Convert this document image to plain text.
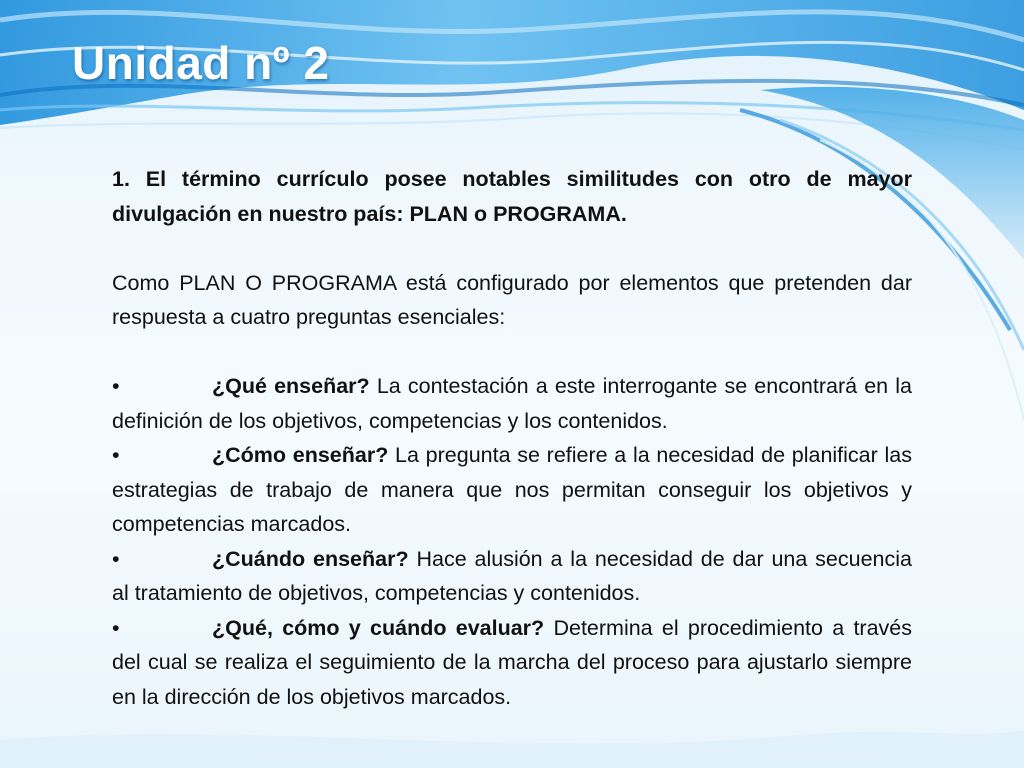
Unidad nº 2

1. El término currículo posee notables similitudes con otro de mayor divulgación en nuestro país: PLAN o PROGRAMA.

Como PLAN O PROGRAMA está configurado por elementos que pretenden dar respuesta a cuatro preguntas esenciales:

•	¿Qué enseñar? La contestación a este interrogante se encontrará en la definición de los objetivos, competencias y los contenidos.

•	¿Cómo enseñar? La pregunta se refiere a la necesidad de planificar las estrategias de trabajo de manera que nos permitan conseguir los objetivos y competencias marcados.

•	¿Cuándo enseñar? Hace alusión a la necesidad de dar una secuencia al tratamiento de objetivos, competencias y contenidos.

•	¿Qué, cómo y cuándo evaluar? Determina el procedimiento a través del cual se realiza el seguimiento de la marcha del proceso para ajustarlo siempre en la dirección de los objetivos marcados.
